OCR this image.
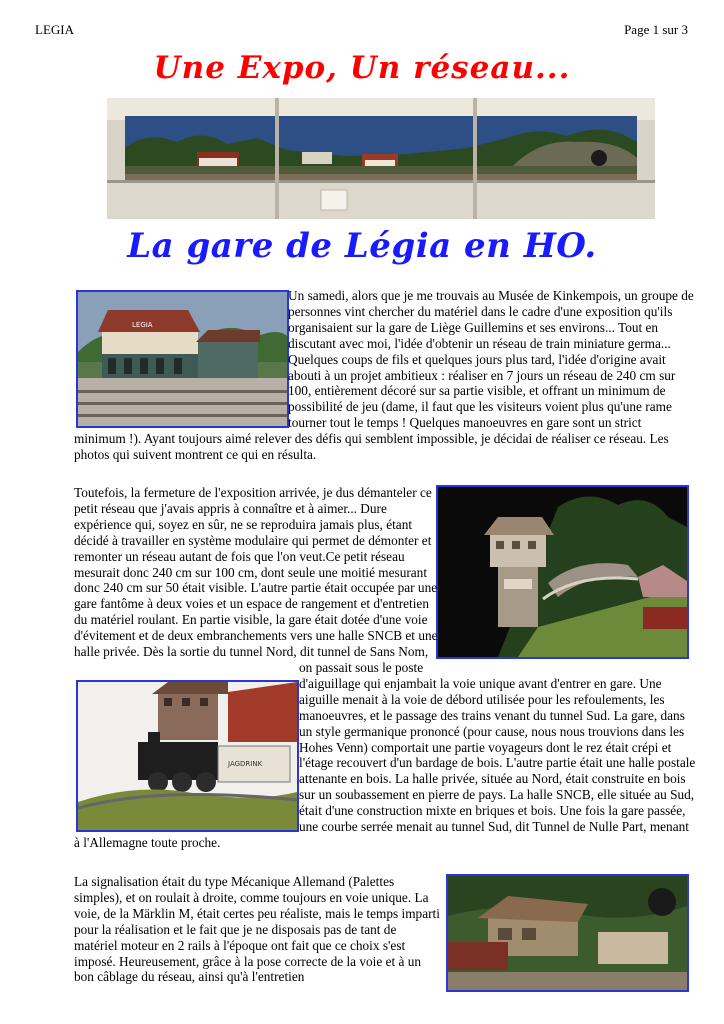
LEGIA	Page 1 sur 3
Une Expo, Un réseau...
La gare de Légia en HO.
LEGIA
Un samedi, alors que je me trouvais au Musée de Kinkempois, un groupe de personnes vint chercher du matériel dans le cadre d'une exposition qu'ils organisaient sur la gare de Liège Guillemins et ses environs... Tout en discutant avec moi, l'idée d'obtenir un réseau de train miniature germa... Quelques coups de fils et quelques jours plus tard, l'idée d'origine avait abouti à un projet ambitieux : réaliser en 7 jours un réseau de 240 cm sur 100, entièrement décoré sur sa partie visible, et offrant un minimum de possibilité de jeu (dame, il faut que les visiteurs voient plus qu'une rame tourner tout le temps ! Quelques manoeuvres en gare sont un strict minimum !). Ayant toujours aimé relever des défis qui semblent impossible, je décidai de réaliser ce réseau. Les photos qui suivent montrent ce qui en résulta.
JAGDRINK
Toutefois, la fermeture de l'exposition arrivée, je dus démanteler ce petit réseau que j'avais appris à connaître et à aimer... Dure expérience qui, soyez en sûr, ne se reproduira jamais plus, étant décidé à travailler en système modulaire qui permet de démonter et remonter un réseau autant de fois que l'on veut.Ce petit réseau mesurait donc 240 cm sur 100 cm, dont seule une moitié mesurant donc 240 cm sur 50 était visible. L'autre partie était occupée par une gare fantôme à deux voies et un espace de rangement et d'entretien du matériel roulant. En partie visible, la gare était dotée d'une voie d'évitement et de deux embranchements vers une halle SNCB et une halle privée. Dès la sortie du tunnel Nord, dit tunnel de Sans Nom, on passait sous le poste d'aiguillage qui enjambait la voie unique avant d'entrer en gare. Une aiguille menait à la voie de débord utilisée pour les refoulements, les manoeuvres, et le passage des trains venant du tunnel Sud. La gare, dans un style germanique prononcé (pour cause, nous nous trouvions dans les Hohes Venn) comportait une partie voyageurs dont le rez était crépi et l'étage recouvert d'un bardage de bois. L'autre partie était une halle postale attenante en bois. La halle privée, située au Nord, était construite en bois sur un soubassement en pierre de pays. La halle SNCB, elle située au Sud, était d'une construction mixte en briques et bois. Une fois la gare passée, une courbe serrée menait au tunnel Sud, dit Tunnel de Nulle Part, menant à l'Allemagne toute proche.
La signalisation était du type Mécanique Allemand (Palettes simples), et on roulait à droite, comme toujours en voie unique. La voie, de la Märklin M, était certes peu réaliste, mais le temps imparti pour la réalisation et le fait que je ne disposais pas de tant de matériel moteur en 2 rails à l'époque ont fait que ce choix s'est imposé. Heureusement, grâce à la pose correcte de la voie et à un bon câblage du réseau, ainsi qu'à l'entretien
